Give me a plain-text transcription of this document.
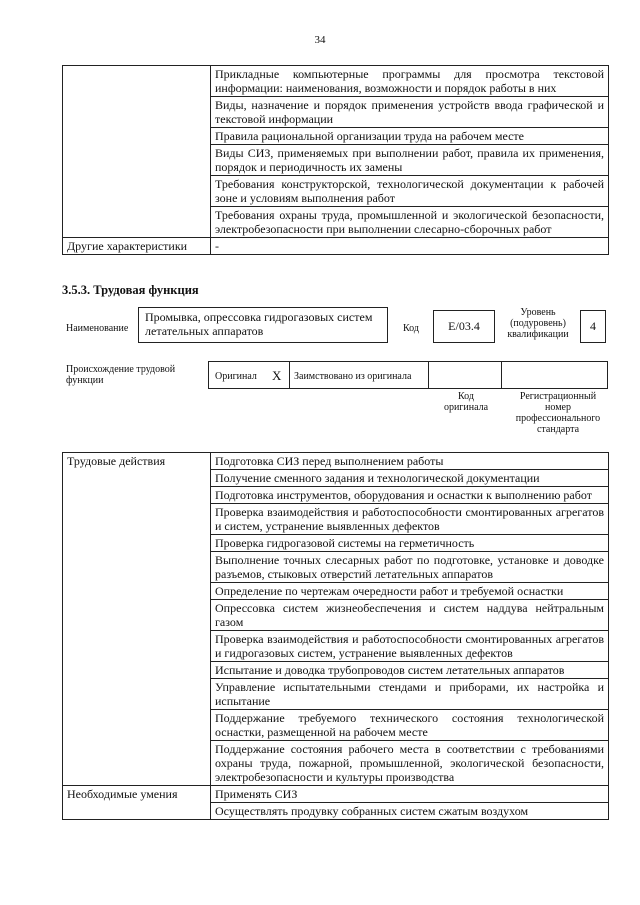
34
	Прикладные компьютерные программы для просмотра текстовой информации: наименования, возможности и порядок работы в них
	Виды, назначение и порядок применения устройств ввода графической и текстовой информации
	Правила рациональной организации труда на рабочем месте
	Виды СИЗ, применяемых при выполнении работ, правила их применения, порядок и периодичность их замены
	Требования конструкторской, технологической документации к рабочей зоне и условиям выполнения работ
	Требования охраны труда, промышленной и экологической безопасности, электробезопасности при выполнении слесарно-сборочных работ
Другие характеристики	-
3.5.3. Трудовая функция
Наименование
Промывка, опрессовка гидрогазовых систем летательных аппаратов	Код	E/03.4
Уровень (подуровень) квалификации
4
Происхождение трудовой функции	Оригинал X Заимствовано из оригинала
Код оригинала
Регистрационный номер профессионального стандарта
Трудовые действия	Подготовка СИЗ перед выполнением работы
	Получение сменного задания и технологической документации
	Подготовка инструментов, оборудования и оснастки к выполнению работ
	Проверка взаимодействия и работоспособности смонтированных агрегатов и систем, устранение выявленных дефектов
	Проверка гидрогазовой системы на герметичность
	Выполнение точных слесарных работ по подготовке, установке и доводке разъемов, стыковых отверстий летательных аппаратов
	Определение по чертежам очередности работ и требуемой оснастки
	Опрессовка систем жизнеобеспечения и систем наддува нейтральным газом
	Проверка взаимодействия и работоспособности смонтированных агрегатов и гидрогазовых систем, устранение выявленных дефектов
	Испытание и доводка трубопроводов систем летательных аппаратов
	Управление испытательными стендами и приборами, их настройка и испытание
	Поддержание требуемого технического состояния технологической оснастки, размещенной на рабочем месте
	Поддержание состояния рабочего места в соответствии с требованиями охраны труда, пожарной, промышленной, экологической безопасности, электробезопасности и культуры производства
Необходимые умения	Применять СИЗ
	Осуществлять продувку собранных систем сжатым воздухом
